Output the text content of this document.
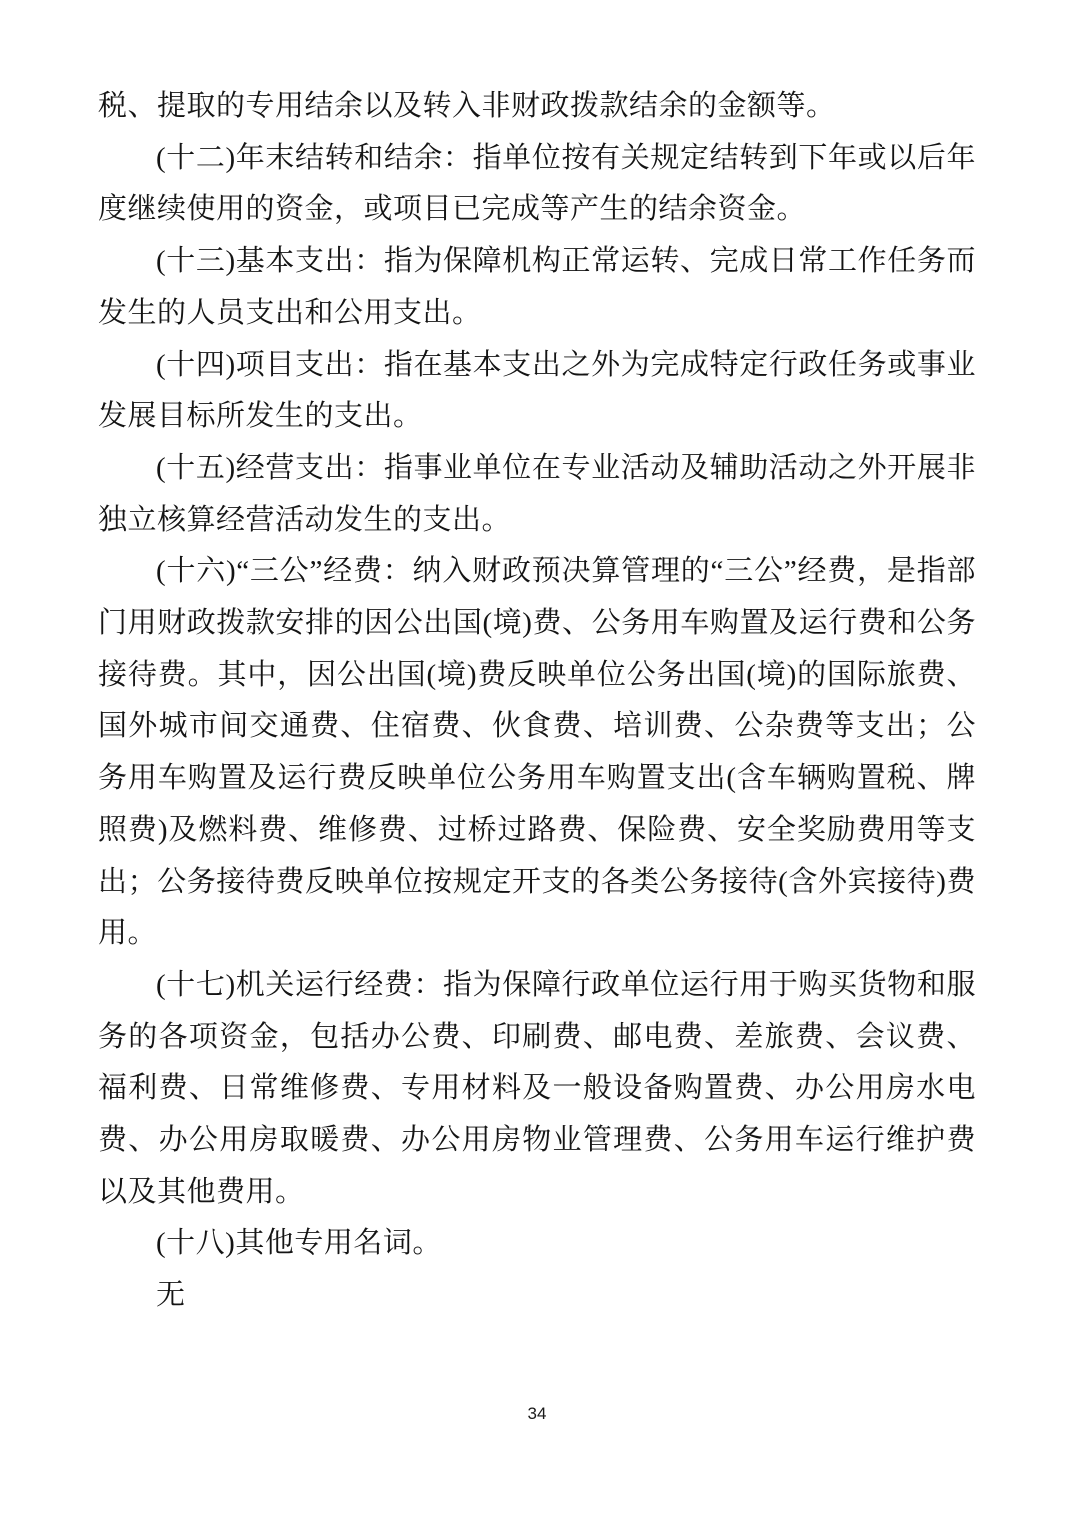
税、提取的专用结余以及转入非财政拨款结余的金额等。

(十二)年末结转和结余：指单位按有关规定结转到下年或以后年度继续使用的资金，或项目已完成等产生的结余资金。

(十三)基本支出：指为保障机构正常运转、完成日常工作任务而发生的人员支出和公用支出。

(十四)项目支出：指在基本支出之外为完成特定行政任务或事业发展目标所发生的支出。

(十五)经营支出：指事业单位在专业活动及辅助活动之外开展非独立核算经营活动发生的支出。

(十六)“三公”经费：纳入财政预决算管理的“三公”经费，是指部门用财政拨款安排的因公出国(境)费、公务用车购置及运行费和公务接待费。其中，因公出国(境)费反映单位公务出国(境)的国际旅费、国外城市间交通费、住宿费、伙食费、培训费、公杂费等支出；公务用车购置及运行费反映单位公务用车购置支出(含车辆购置税、牌照费)及燃料费、维修费、过桥过路费、保险费、安全奖励费用等支出；公务接待费反映单位按规定开支的各类公务接待(含外宾接待)费用。

(十七)机关运行经费：指为保障行政单位运行用于购买货物和服务的各项资金，包括办公费、印刷费、邮电费、差旅费、会议费、福利费、日常维修费、专用材料及一般设备购置费、办公用房水电费、办公用房取暖费、办公用房物业管理费、公务用车运行维护费以及其他费用。

(十八)其他专用名词。

无

34
